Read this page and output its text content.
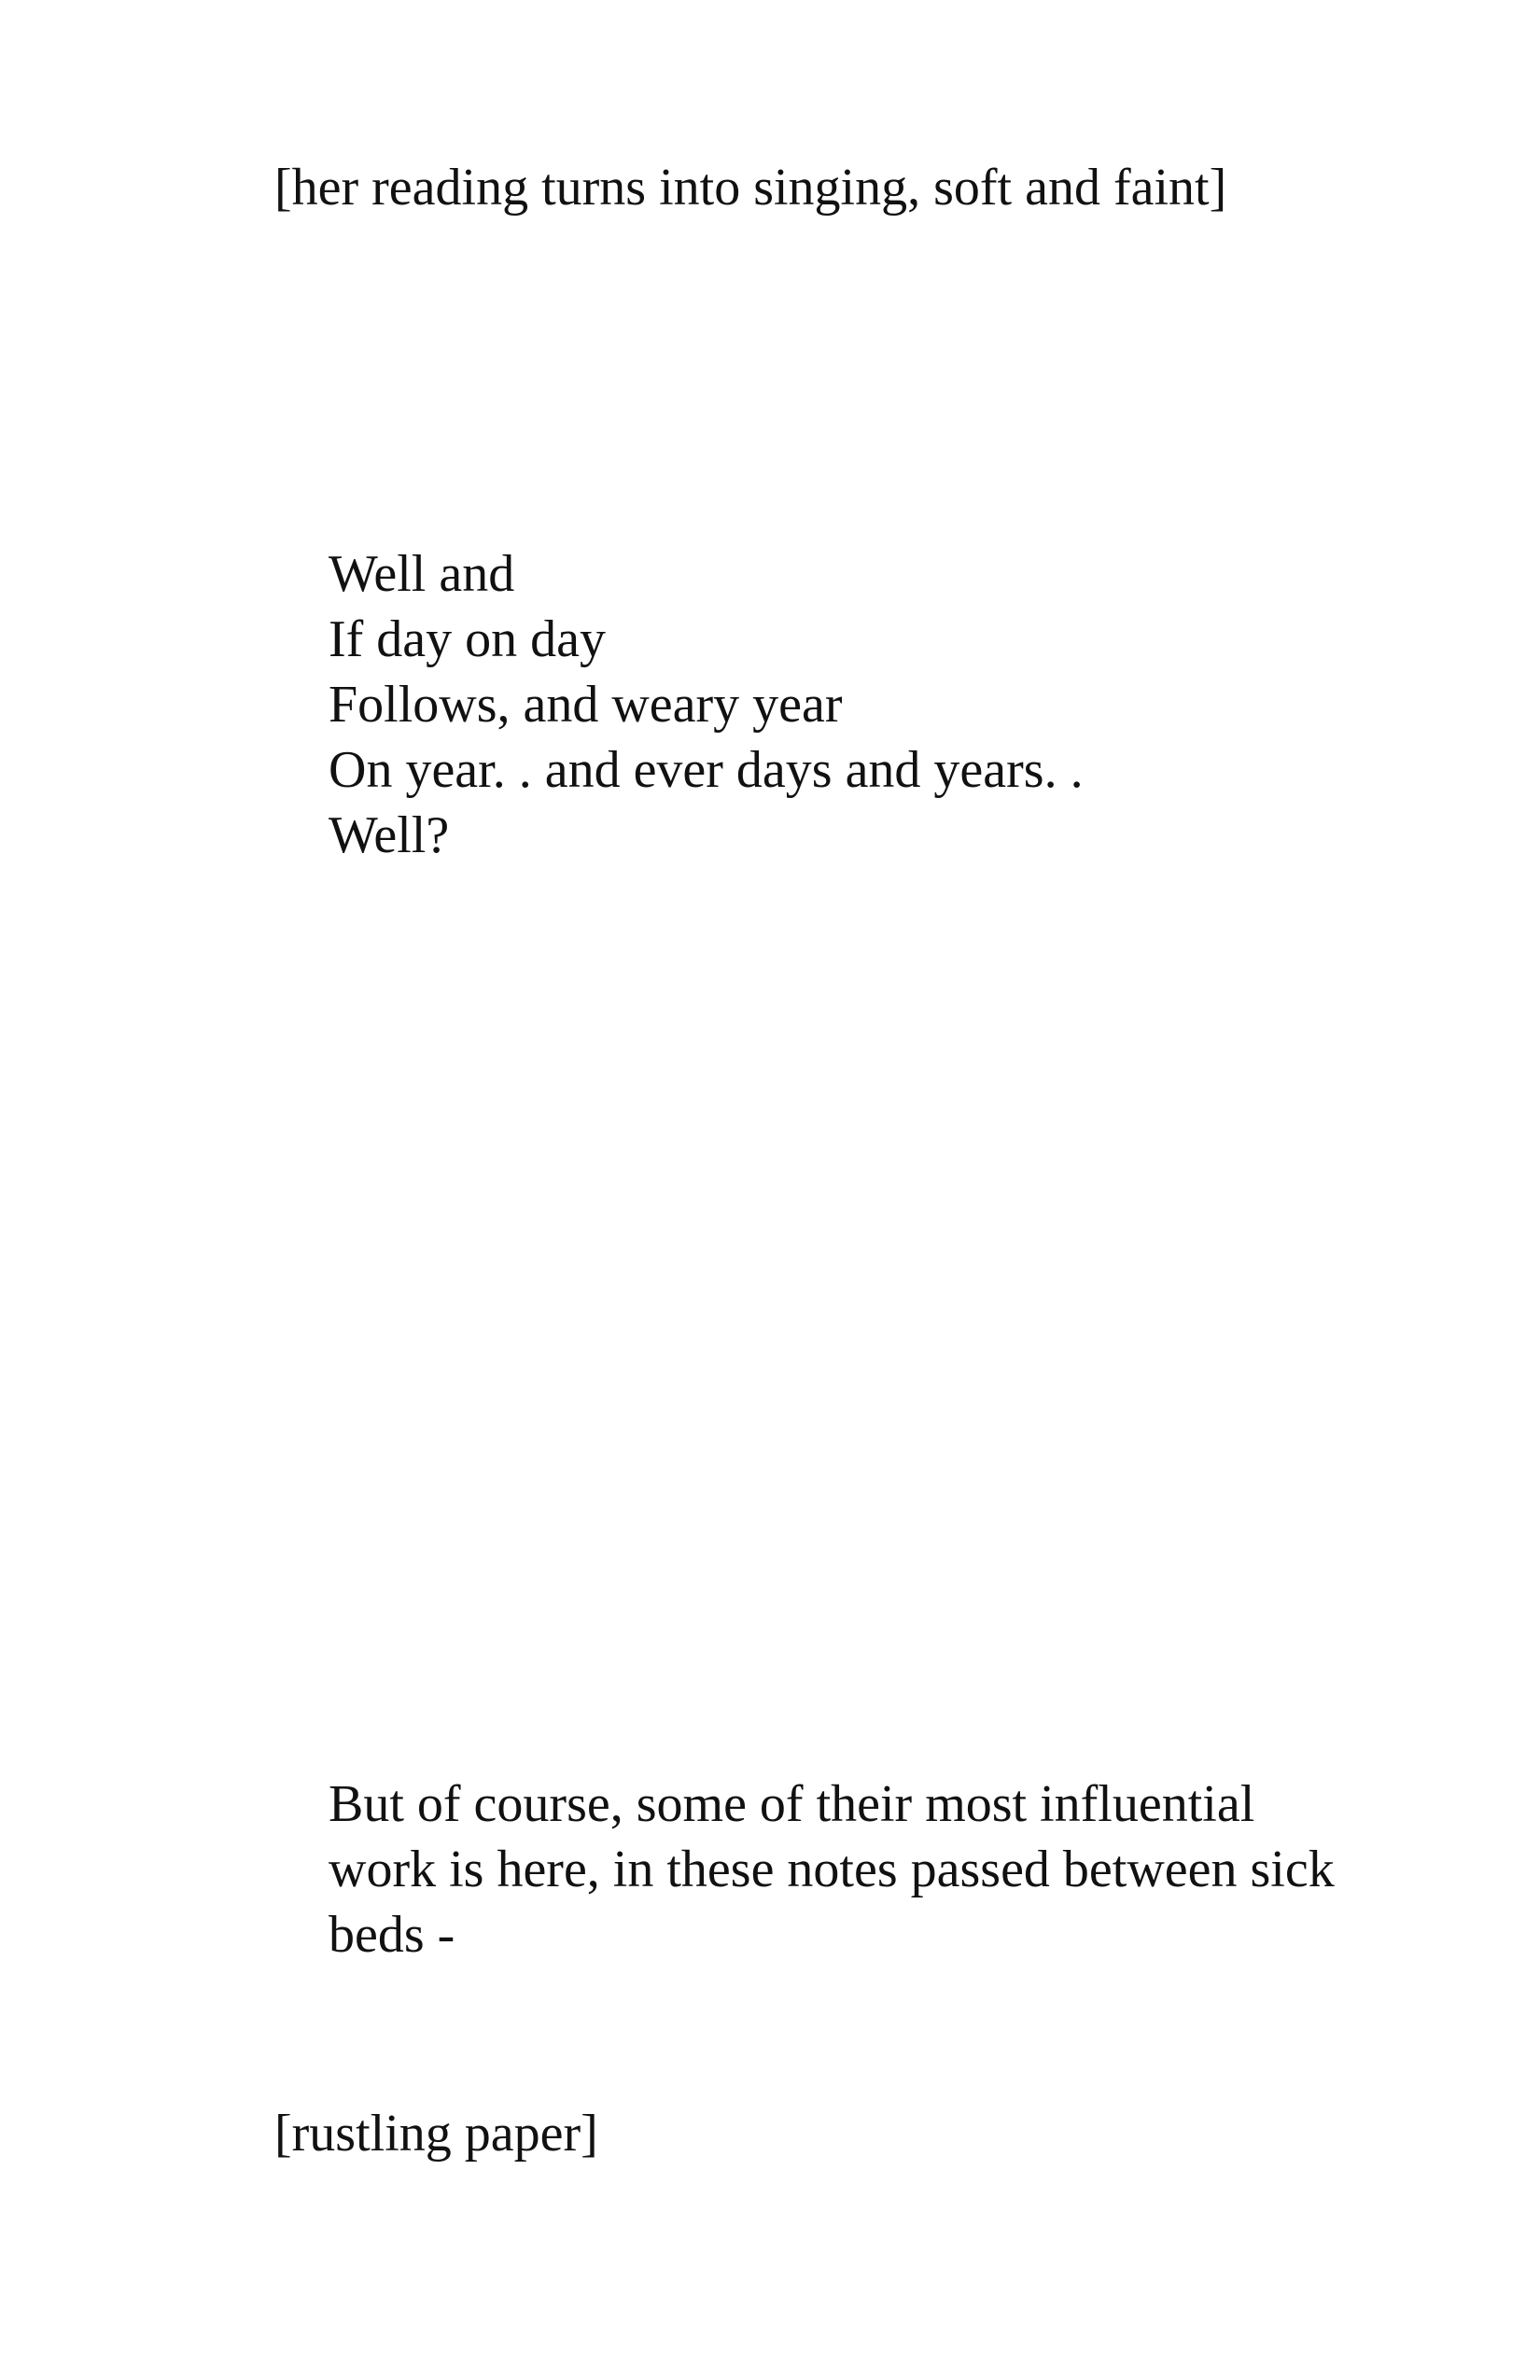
[her reading turns into singing, soft and faint]
Well and
If day on day
Follows, and weary year
On year. . and ever days and years. .
Well?
But of course, some of their most influential
work is here, in these notes passed between sick
beds -
[rustling paper]
